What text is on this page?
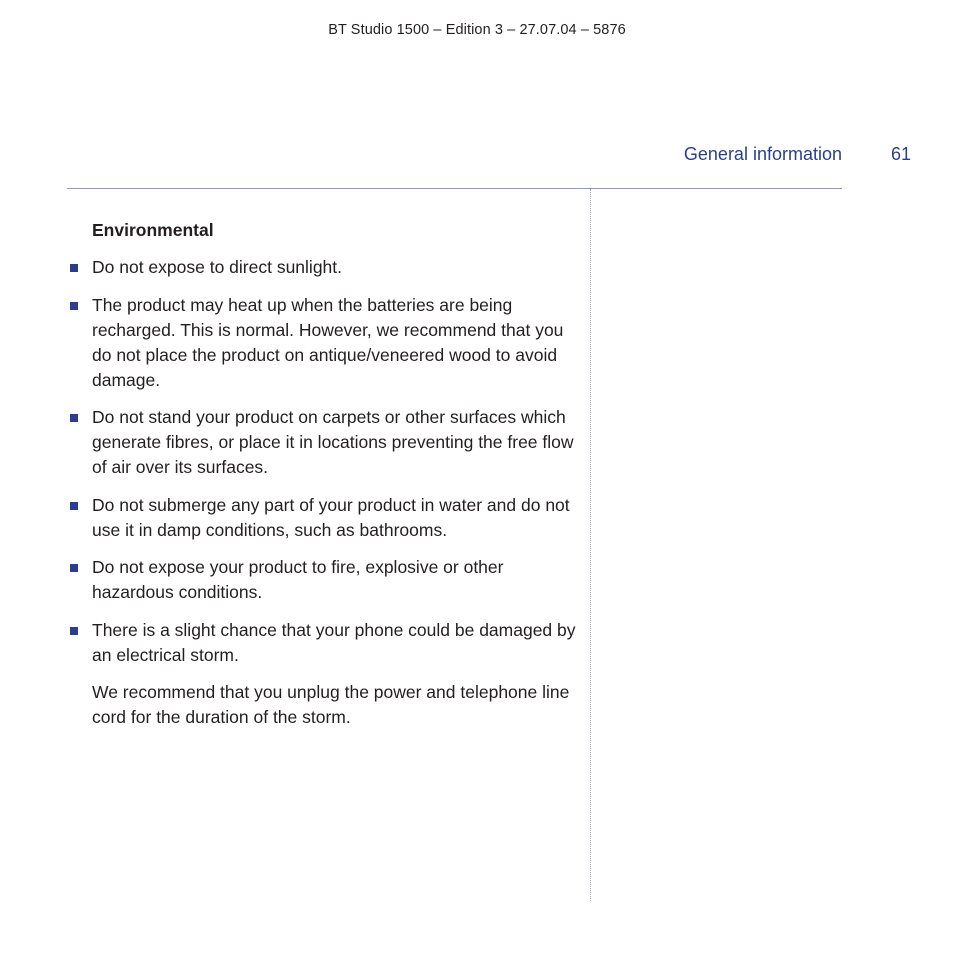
BT Studio 1500 – Edition 3 – 27.07.04 – 5876
General information	61
Environmental
Do not expose to direct sunlight.
The product may heat up when the batteries are being recharged. This is normal. However, we recommend that you do not place the product on antique/veneered wood to avoid damage.
Do not stand your product on carpets or other surfaces which generate fibres, or place it in locations preventing the free flow of air over its surfaces.
Do not submerge any part of your product in water and do not use it in damp conditions, such as bathrooms.
Do not expose your product to fire, explosive or other hazardous conditions.
There is a slight chance that your phone could be damaged by an electrical storm.

We recommend that you unplug the power and telephone line cord for the duration of the storm.
